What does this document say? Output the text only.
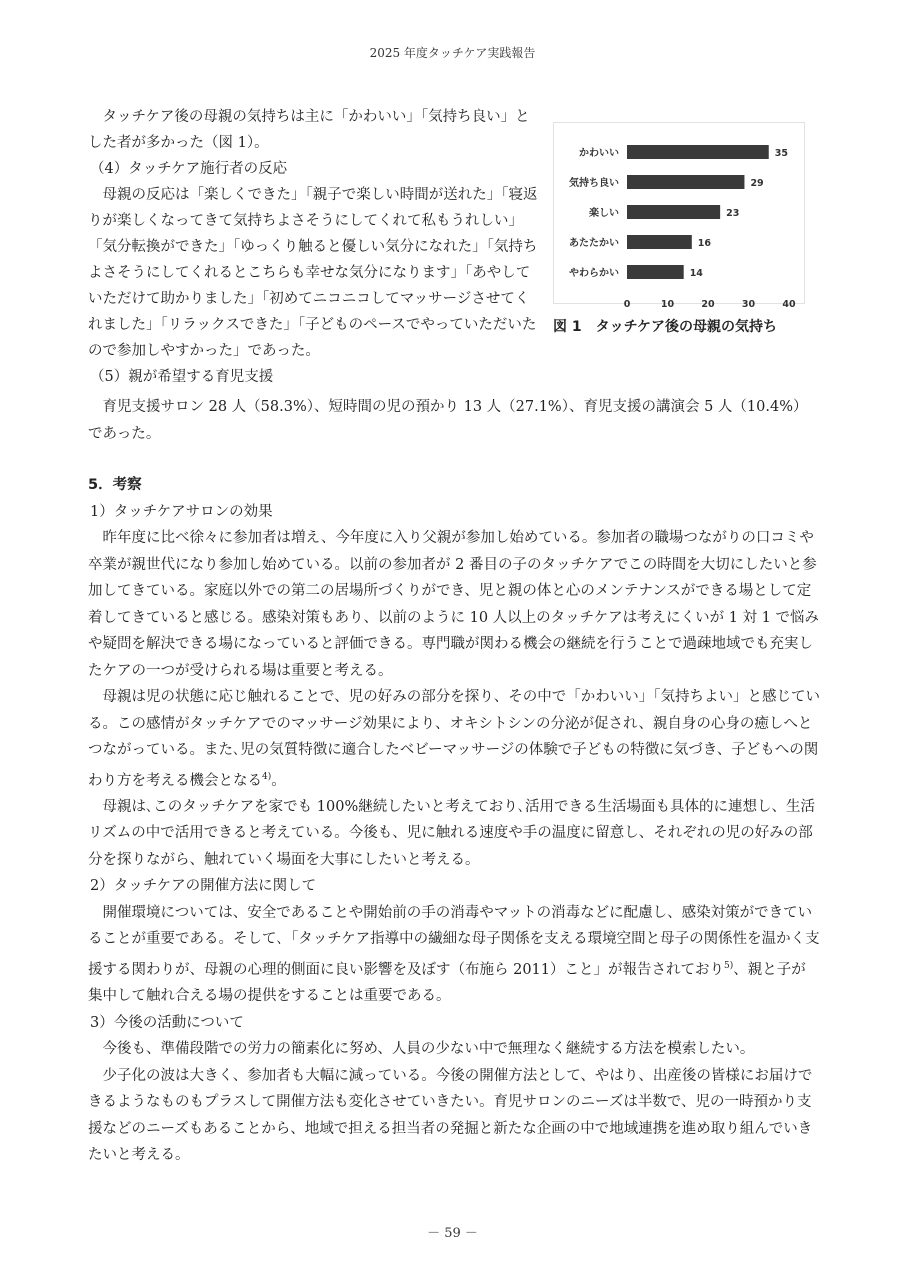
2025 年度タッチケア実践報告

タッチケア後の母親の気持ちは主に「かわいい」「気持ち良い」とした者が多かった（図 1）。

（4）タッチケア施行者の反応

母親の反応は「楽しくできた」「親子で楽しい時間が送れた」「寝返りが楽しくなってきて気持ちよさそうにしてくれて私もうれしい」「気分転換ができた」「ゆっくり触ると優しい気分になれた」「気持ちよさそうにしてくれるとこちらも幸せな気分になります」「あやしていただけて助かりました」「初めてニコニコしてマッサージさせてくれました」「リラックスできた」「子どものペースでやっていただいたので参加しやすかった」であった。

（5）親が希望する育児支援

かわいい	35
気持ち良い	29
楽しい	23
あたたかい	16
やわらかい	14
0	10	20	30	40
図 1　タッチケア後の母親の気持ち

育児支援サロン 28 人（58.3%）、短時間の児の預かり 13 人（27.1%）、育児支援の講演会 5 人（10.4%）であった。

5．考察

1）タッチケアサロンの効果

昨年度に比べ徐々に参加者は増え、今年度に入り父親が参加し始めている。参加者の職場つながりの口コミや卒業が親世代になり参加し始めている。以前の参加者が 2 番目の子のタッチケアでこの時間を大切にしたいと参加してきている。家庭以外での第二の居場所づくりができ、児と親の体と心のメンテナンスができる場として定着してきていると感じる。感染対策もあり、以前のように 10 人以上のタッチケアは考えにくいが 1 対 1 で悩みや疑問を解決できる場になっていると評価できる。専門職が関わる機会の継続を行うことで過疎地域でも充実したケアの一つが受けられる場は重要と考える。

母親は児の状態に応じ触れることで、児の好みの部分を探り、その中で「かわいい」「気持ちよい」と感じている。この感情がタッチケアでのマッサージ効果により、オキシトシンの分泌が促され、親自身の心身の癒しへとつながっている。また､児の気質特徴に適合したベビーマッサージの体験で子どもの特徴に気づき、子どもへの関わり方を考える機会となる$^{4)}$。

母親は､このタッチケアを家でも 100%継続したいと考えており､活用できる生活場面も具体的に連想し、生活リズムの中で活用できると考えている。今後も、児に触れる速度や手の温度に留意し、それぞれの児の好みの部分を探りながら、触れていく場面を大事にしたいと考える。

2）タッチケアの開催方法に関して

開催環境については、安全であることや開始前の手の消毒やマットの消毒などに配慮し、感染対策ができていることが重要である。そして､「タッチケア指導中の繊細な母子関係を支える環境空間と母子の関係性を温かく支援する関わりが、母親の心理的側面に良い影響を及ぼす（布施ら 2011）こと」が報告されており$^{5)}$、親と子が集中して触れ合える場の提供をすることは重要である。

3）今後の活動について

今後も、準備段階での労力の簡素化に努め、人員の少ない中で無理なく継続する方法を模索したい。

少子化の波は大きく、参加者も大幅に減っている。今後の開催方法として、やはり、出産後の皆様にお届けできるようなものもプラスして開催方法も変化させていきたい。育児サロンのニーズは半数で、児の一時預かり支援などのニーズもあることから、地域で担える担当者の発掘と新たな企画の中で地域連携を進め取り組んでいきたいと考える。

－ 59 －
